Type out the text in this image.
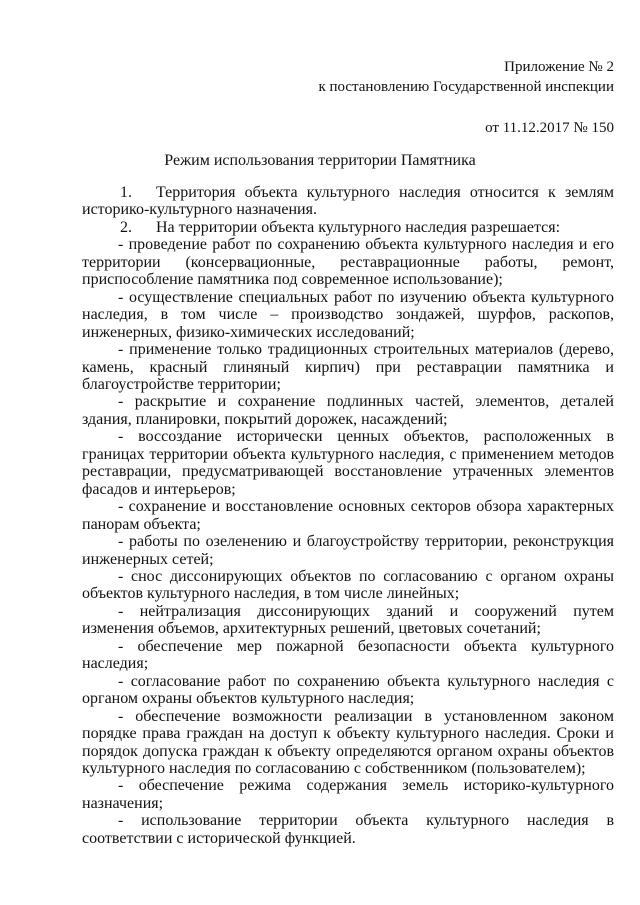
Приложение № 2
к постановлению Государственной инспекции
от 11.12.2017 № 150
Режим использования территории Памятника

1. Территория объекта культурного наследия относится к землям историко-культурного назначения.

2. На территории объекта культурного наследия разрешается:

- проведение работ по сохранению объекта культурного наследия и его территории (консервационные, реставрационные работы, ремонт, приспособление памятника под современное использование);

- осуществление специальных работ по изучению объекта культурного наследия, в том числе – производство зондажей, шурфов, раскопов, инженерных, физико-химических исследований;

- применение только традиционных строительных материалов (дерево, камень, красный глиняный кирпич) при реставрации памятника и благоустройстве территории;

- раскрытие и сохранение подлинных частей, элементов, деталей здания, планировки, покрытий дорожек, насаждений;

- воссоздание исторически ценных объектов, расположенных в границах территории объекта культурного наследия, с применением методов реставрации, предусматривающей восстановление утраченных элементов фасадов и интерьеров;

- сохранение и восстановление основных секторов обзора характерных панорам объекта;

- работы по озеленению и благоустройству территории, реконструкция инженерных сетей;

- снос диссонирующих объектов по согласованию с органом охраны объектов культурного наследия, в том числе линейных;

- нейтрализация диссонирующих зданий и сооружений путем изменения объемов, архитектурных решений, цветовых сочетаний;

- обеспечение мер пожарной безопасности объекта культурного наследия;

- согласование работ по сохранению объекта культурного наследия с органом охраны объектов культурного наследия;

- обеспечение возможности реализации в установленном законом порядке права граждан на доступ к объекту культурного наследия. Сроки и порядок допуска граждан к объекту определяются органом охраны объектов культурного наследия по согласованию с собственником (пользователем);

- обеспечение режима содержания земель историко-культурного назначения;

- использование территории объекта культурного наследия в соответствии с исторической функцией.
